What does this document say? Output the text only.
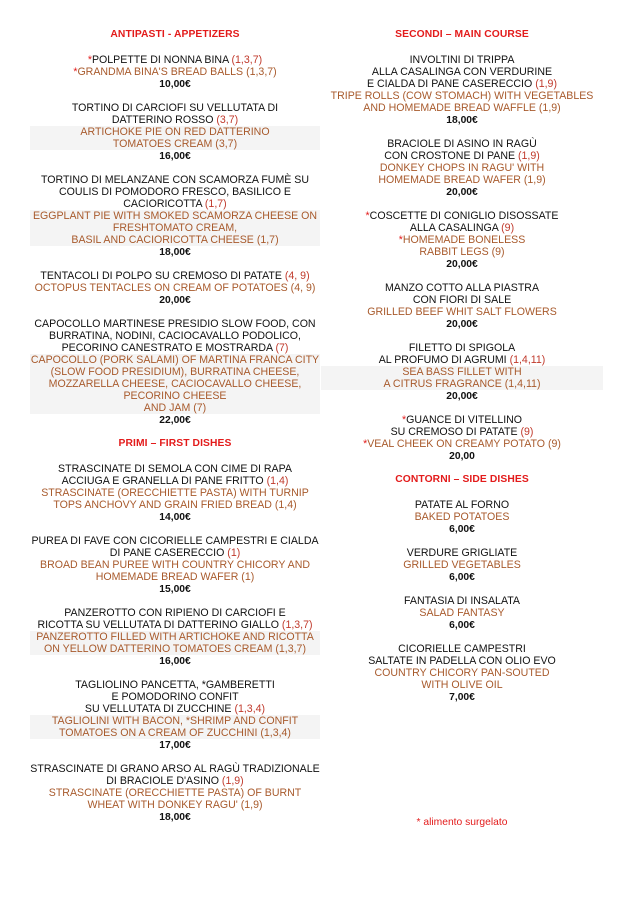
ANTIPASTI - APPETIZERS
*POLPETTE DI NONNA BINA (1,3,7)
*GRANDMA BINA'S BREAD BALLS (1,3,7)
10,00€
TORTINO DI CARCIOFI SU VELLUTATA DI
DATTERINO ROSSO (3,7)
ARTICHOKE PIE ON RED DATTERINO
TOMATOES CREAM (3,7)
16,00€
TORTINO DI MELANZANE CON SCAMORZA FUMÈ SU
COULIS DI POMODORO FRESCO, BASILICO E
CACIORICOTTA (1,7)
EGGPLANT PIE WITH SMOKED SCAMORZA CHEESE ON
FRESHTOMATO CREAM,
BASIL AND CACIORICOTTA CHEESE (1,7)
18,00€
TENTACOLI DI POLPO SU CREMOSO DI PATATE (4, 9)
OCTOPUS TENTACLES ON CREAM OF POTATOES (4, 9)
20,00€
CAPOCOLLO MARTINESE PRESIDIO SLOW FOOD, CON
BURRATINA, NODINI, CACIOCAVALLO PODOLICO,
PECORINO CANESTRATO E MOSTRARDA (7)
CAPOCOLLO (PORK SALAMI) OF MARTINA FRANCA CITY
(SLOW FOOD PRESIDIUM), BURRATINA CHEESE,
MOZZARELLA CHEESE, CACIOCAVALLO CHEESE,
PECORINO CHEESE
AND JAM (7)
22,00€
PRIMI – FIRST DISHES
STRASCINATE DI SEMOLA CON CIME DI RAPA
ACCIUGA E GRANELLA DI PANE FRITTO (1,4)
STRASCINATE (ORECCHIETTE PASTA) WITH TURNIP
TOPS ANCHOVY AND GRAIN FRIED BREAD (1,4)
14,00€
PUREA DI FAVE CON CICORIELLE CAMPESTRI E CIALDA
DI PANE CASERECCIO (1)
BROAD BEAN PUREE WITH COUNTRY CHICORY AND
HOMEMADE BREAD WAFER (1)
15,00€
PANZEROTTO CON RIPIENO DI CARCIOFI E
RICOTTA SU VELLUTATA DI DATTERINO GIALLO (1,3,7)
PANZEROTTO FILLED WITH ARTICHOKE AND RICOTTA
ON YELLOW DATTERINO TOMATOES CREAM (1,3,7)
16,00€
TAGLIOLINO PANCETTA, *GAMBERETTI
E POMODORINO CONFIT
SU VELLUTATA DI ZUCCHINE (1,3,4)
TAGLIOLINI WITH BACON, *SHRIMP AND CONFIT
TOMATOES ON A CREAM OF ZUCCHINI (1,3,4)
17,00€
STRASCINATE DI GRANO ARSO AL RAGÙ TRADIZIONALE
DI BRACIOLE D'ASINO (1,9)
STRASCINATE (ORECCHIETTE PASTA) OF BURNT
WHEAT WITH DONKEY RAGU' (1,9)
18,00€
SECONDI – MAIN COURSE
INVOLTINI DI TRIPPA
ALLA CASALINGA CON VERDURINE
E CIALDA DI PANE CASERECCIO (1,9)
TRIPE ROLLS (COW STOMACH) WITH VEGETABLES
AND HOMEMADE BREAD WAFFLE (1,9)
18,00€
BRACIOLE DI ASINO IN RAGÙ
CON CROSTONE DI PANE (1,9)
DONKEY CHOPS IN RAGU' WITH
HOMEMADE BREAD WAFER (1,9)
20,00€
*COSCETTE DI CONIGLIO DISOSSATE
ALLA CASALINGA (9)
*HOMEMADE BONELESS
RABBIT LEGS (9)
20,00€
MANZO COTTO ALLA PIASTRA
CON FIORI DI SALE
GRILLED BEEF WHIT SALT FLOWERS
20,00€
FILETTO DI SPIGOLA
AL PROFUMO DI AGRUMI (1,4,11)
SEA BASS FILLET WITH
A CITRUS FRAGRANCE (1,4,11)
20,00€
*GUANCE DI VITELLINO
SU CREMOSO DI PATATE (9)
*VEAL CHEEK ON CREAMY POTATO (9)
20,00
CONTORNI – SIDE DISHES
PATATE AL FORNO
BAKED POTATOES
6,00€
VERDURE GRIGLIATE
GRILLED VEGETABLES
6,00€
FANTASIA DI INSALATA
SALAD FANTASY
6,00€
CICORIELLE CAMPESTRI
SALTATE IN PADELLA CON OLIO EVO
COUNTRY CHICORY PAN-SOUTED
WITH OLIVE OIL
7,00€
* alimento surgelato
